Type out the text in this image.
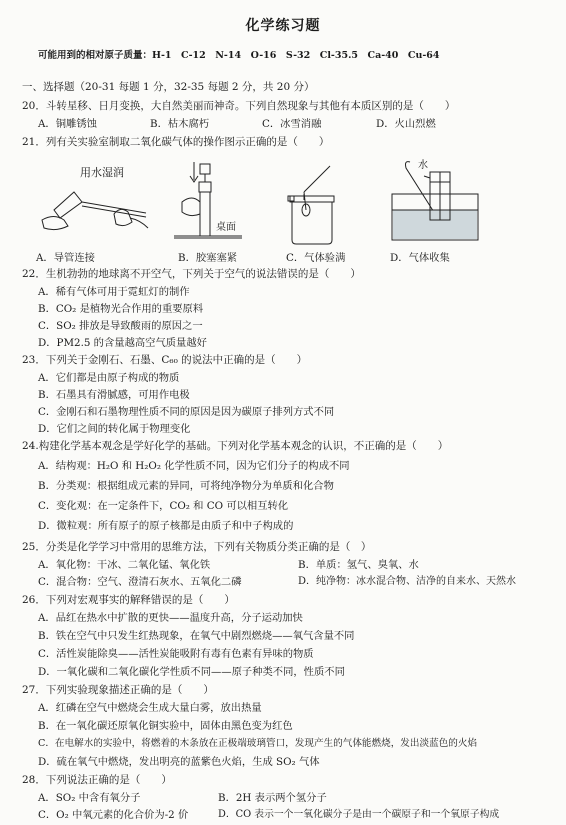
化学练习题
可能用到的相对原子质量：H-1　C-12　N-14　O-16　S-32　Cl-35.5　Ca-40　Cu-64
一、选择题（20-31 每题 1 分，32-35 每题 2 分，共 20 分）
20．斗转星移、日月变换，大自然美丽而神奇。下列自然现象与其他有本质区别的是（　　）
A．铜雕锈蚀	B．枯木腐朽	C．冰雪消融	D．火山烈燃
21．列有关实验室制取二氧化碳气体的操作图示正确的是（　　）
用水湿润
A．导管连接
桌面
B．胶塞塞紧	C．气体验满
水
D．气体收集
22．生机勃勃的地球离不开空气，下列关于空气的说法错误的是（　　）
A．稀有气体可用于霓虹灯的制作
B．CO₂ 是植物光合作用的重要原料
C．SO₂ 排放是导致酸雨的原因之一
D．PM2.5 的含量越高空气质量越好
23．下列关于金刚石、石墨、C₆₀ 的说法中正确的是（　　）
A．它们都是由原子构成的物质
B．石墨具有滑腻感，可用作电极
C．金刚石和石墨物理性质不同的原因是因为碳原子排列方式不同
D．它们之间的转化属于物理变化
24.构建化学基本观念是学好化学的基础。下列对化学基本观念的认识，不正确的是（　　）
A．结构观：H₂O 和 H₂O₂ 化学性质不同，因为它们分子的构成不同
B．分类观：根据组成元素的异同，可将纯净物分为单质和化合物
C．变化观：在一定条件下，CO₂ 和 CO 可以相互转化
D．微粒观：所有原子的原子核都是由质子和中子构成的
25．分类是化学学习中常用的思维方法，下列有关物质分类正确的是（　）
A．氧化物：干冰、二氧化锰、氧化铁	B．单质：氢气、臭氧、水
C．混合物：空气、澄清石灰水、五氧化二磷	D．纯净物：冰水混合物、洁净的自来水、天然水
26．下列对宏观事实的解释错误的是（　　）
A．品红在热水中扩散的更快——温度升高，分子运动加快
B．铁在空气中只发生红热现象，在氧气中剧烈燃烧——氧气含量不同
C．活性炭能除臭——活性炭能吸附有毒有色素有异味的物质
D．一氧化碳和二氧化碳化学性质不同——原子种类不同，性质不同
27．下列实验现象描述正确的是（　　）
A．红磷在空气中燃烧会生成大量白雾，放出热量
B．在一氧化碳还原氧化铜实验中，固体由黑色变为红色
C．在电解水的实验中，将燃着的木条放在正极端玻璃管口，发现产生的气体能燃烧，发出淡蓝色的火焰
D．硫在氧气中燃烧，发出明亮的蓝紫色火焰，生成 SO₂ 气体
28．下列说法正确的是（　　）
A．SO₂ 中含有氧分子	B．2H 表示两个氢分子
C．O₂ 中氧元素的化合价为-2 价	D．CO 表示一个一氧化碳分子是由一个碳原子和一个氧原子构成
